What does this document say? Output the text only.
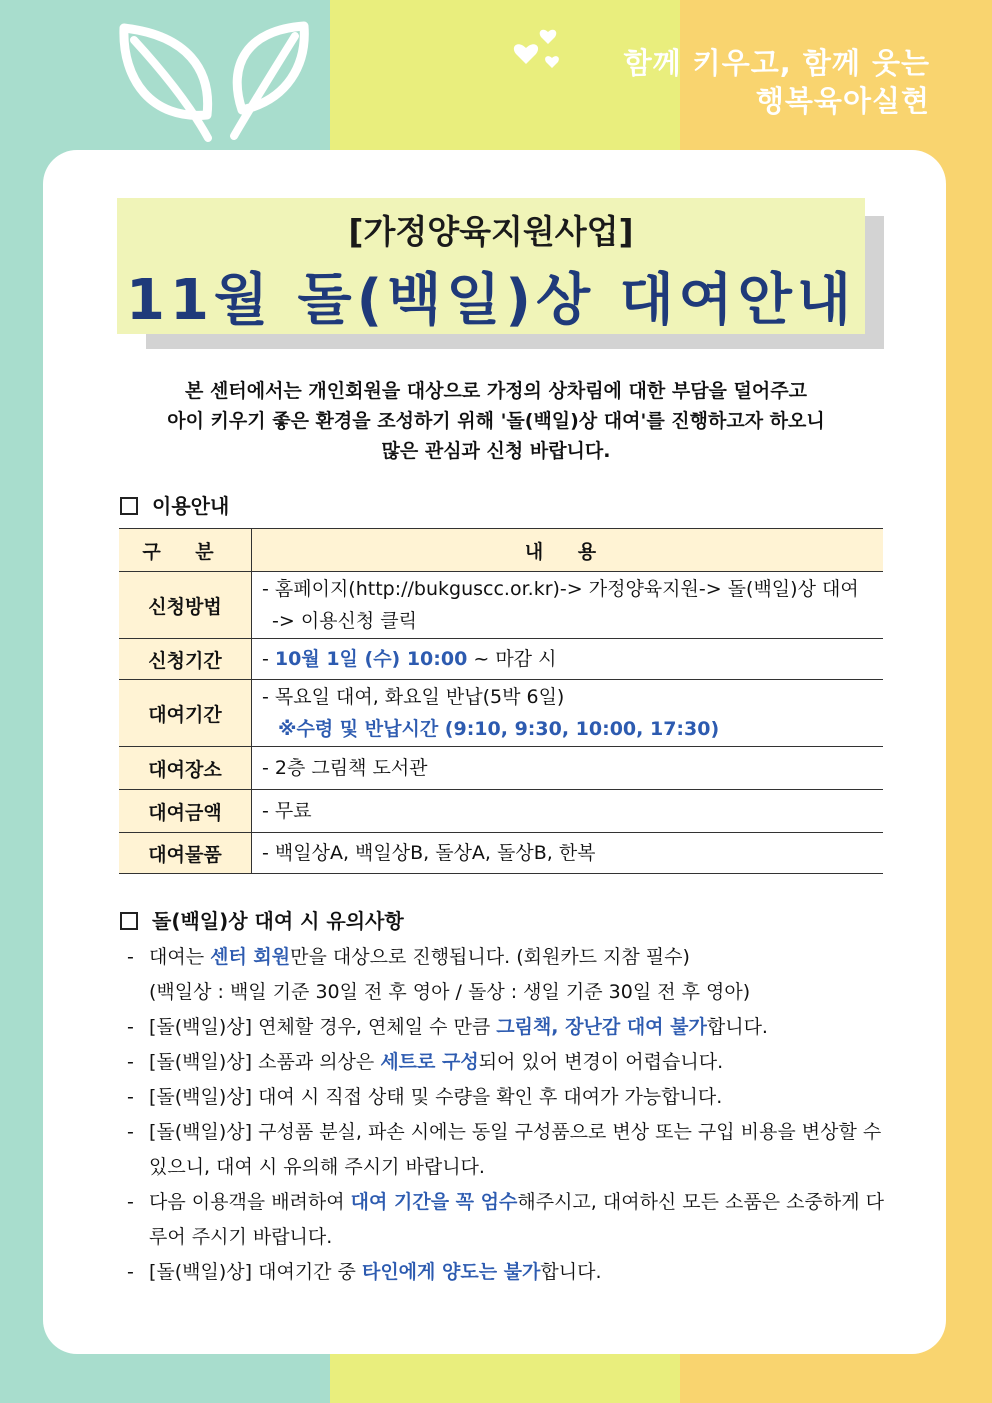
함께 키우고, 함께 웃는
행복육아실현
[가정양육지원사업]
11월 돌(백일)상 대여안내
본 센터에서는 개인회원을 대상으로 가정의 상차림에 대한 부담을 덜어주고
아이 키우기 좋은 환경을 조성하기 위해 '돌(백일)상 대여'를 진행하고자 하오니
많은 관심과 신청 바랍니다.
이용안내
구 분	내 용
신청방법	- 홈페이지(http://bukguscc.or.kr)-> 가정양육지원-> 돌(백일)상 대여
-> 이용신청 클릭

신청기간	- 10월 1일 (수) 10:00 ~ 마감 시
대여기간	- 목요일 대여, 화요일 반납(5박 6일)
※수령 및 반납시간 (9:10, 9:30, 10:00, 17:30)

대여장소	- 2층 그림책 도서관
대여금액	- 무료
대여물품	- 백일상A, 백일상B, 돌상A, 돌상B, 한복
돌(백일)상 대여 시 유의사항
- 대여는 센터 회원만을 대상으로 진행됩니다. (회원카드 지참 필수)
(백일상 : 백일 기준 30일 전 후 영아 / 돌상 : 생일 기준 30일 전 후 영아)
- [돌(백일)상] 연체할 경우, 연체일 수 만큼 그림책, 장난감 대여 불가합니다.
- [돌(백일)상] 소품과 의상은 세트로 구성되어 있어 변경이 어렵습니다.
- [돌(백일)상] 대여 시 직접 상태 및 수량을 확인 후 대여가 가능합니다.
- [돌(백일)상] 구성품 분실, 파손 시에는 동일 구성품으로 변상 또는 구입 비용을 변상할 수 있으니, 대여 시 유의해 주시기 바랍니다.
- 다음 이용객을 배려하여 대여 기간을 꼭 엄수해주시고, 대여하신 모든 소품은 소중하게 다루어 주시기 바랍니다.
- [돌(백일)상] 대여기간 중 타인에게 양도는 불가합니다.
